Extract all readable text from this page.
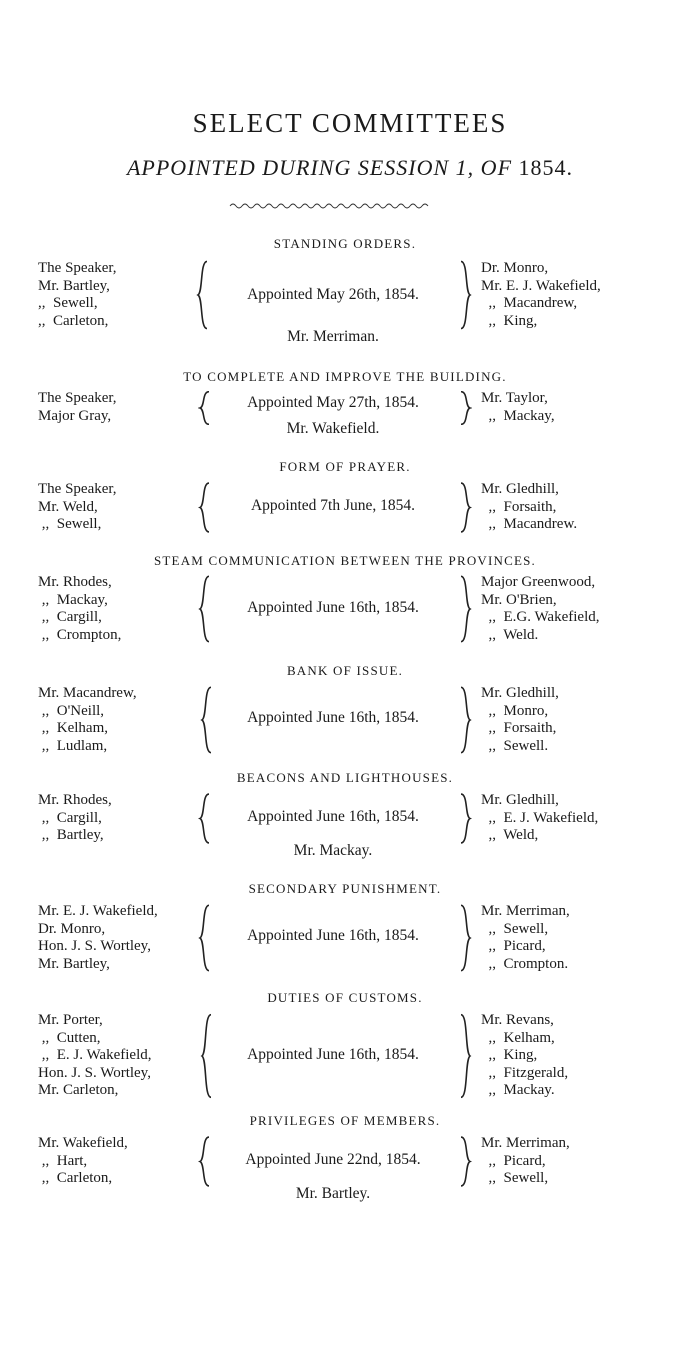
SELECT COMMITTEES
APPOINTED DURING SESSION 1, OF 1854.
STANDING ORDERS.
The Speaker,
Mr. Bartley,
,,  Sewell,
,,  Carleton,
Appointed May 26th, 1854.
Mr. Merriman.
Dr. Monro,
Mr. E. J. Wakefield,
,,  Macandrew,
,,  King,
TO COMPLETE AND IMPROVE THE BUILDING.
The Speaker,
Major Gray,
Appointed May 27th, 1854.
Mr. Wakefield.
Mr. Taylor,
,,  Mackay,
FORM OF PRAYER.
The Speaker,
Mr. Weld,
,,  Sewell,
Appointed 7th June, 1854.
Mr. Gledhill,
,,  Forsaith,
,,  Macandrew.
STEAM COMMUNICATION BETWEEN THE PROVINCES.
Mr. Rhodes,
,,  Mackay,
,,  Cargill,
,,  Crompton,
Appointed June 16th, 1854.
Major Greenwood,
Mr. O'Brien,
,,  E.G. Wakefield,
,,  Weld.
BANK OF ISSUE.
Mr. Macandrew,
,,  O'Neill,
,,  Kelham,
,,  Ludlam,
Appointed June 16th, 1854.
Mr. Gledhill,
,,  Monro,
,,  Forsaith,
,,  Sewell.
BEACONS AND LIGHTHOUSES.
Mr. Rhodes,
,,  Cargill,
,,  Bartley,
Appointed June 16th, 1854.
Mr. Mackay.
Mr. Gledhill,
,,  E. J. Wakefield,
,,  Weld,
SECONDARY PUNISHMENT.
Mr. E. J. Wakefield,
Dr. Monro,
Hon. J. S. Wortley,
Mr. Bartley,
Appointed June 16th, 1854.
Mr. Merriman,
,,  Sewell,
,,  Picard,
,,  Crompton.
DUTIES OF CUSTOMS.
Mr. Porter,
,,  Cutten,
,,  E. J. Wakefield,
Hon. J. S. Wortley,
Mr. Carleton,
Appointed June 16th, 1854.
Mr. Revans,
,,  Kelham,
,,  King,
,,  Fitzgerald,
,,  Mackay.
PRIVILEGES OF MEMBERS.
Mr. Wakefield,
,,  Hart,
,,  Carleton,
Appointed June 22nd, 1854.
Mr. Bartley.
Mr. Merriman,
,,  Picard,
,,  Sewell,
